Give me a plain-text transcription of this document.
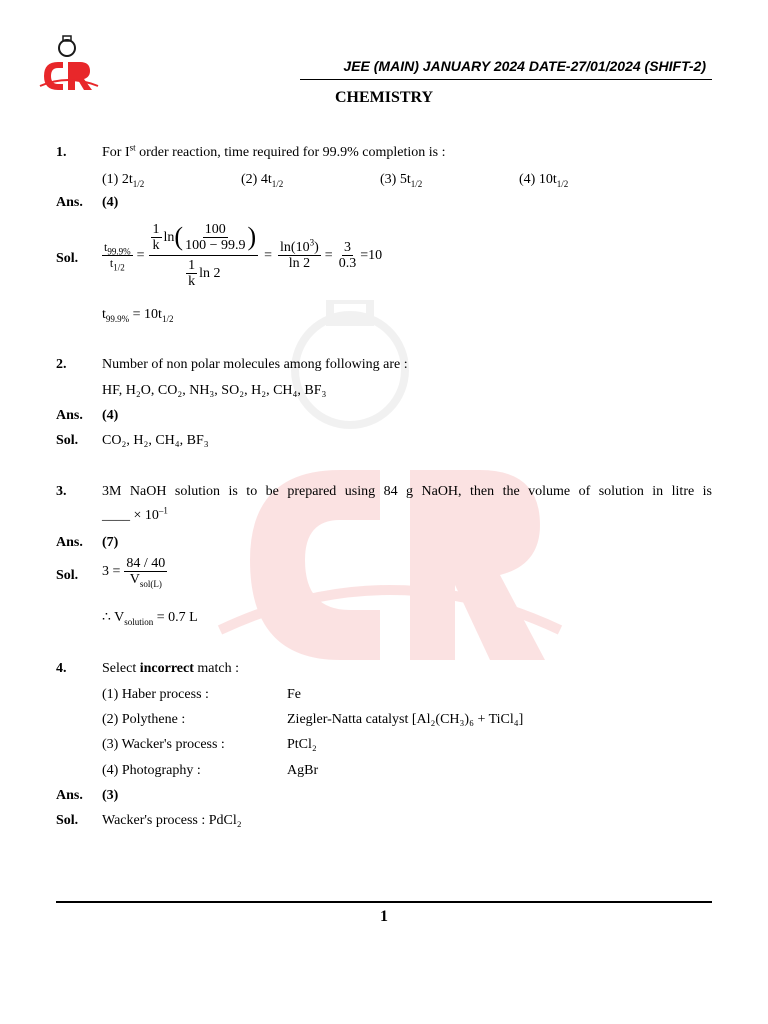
JEE (MAIN) JANUARY 2024 DATE-27/01/2024 (SHIFT-2)
CHEMISTRY
1.	For Ist order reaction, time required for 99.9% completion is :
(1) $2t_{1/2}$	(2) $4t_{1/2}$	(3) $5t_{1/2}$	(4) $10t_{1/2}$
Ans. (4)
Sol. $\frac{t_{99.9\%}}{t_{1/2}} = \frac{\frac{1}{k} \ln ( \frac{100}{100 - 99.9} )}{\frac{1}{k} \ln 2} = \frac{\ln(10^3)}{\ln 2} = \frac{3}{0.3} =10$
$t_{99.9\%} = 10t_{1/2}$
2.	Number of non polar molecules among following are :
HF, H₂O, CO₂, NH₃, SO₂, H₂, CH₄, BF₃
Ans. (4)
Sol. CO₂, H₂, CH₄, BF₃
3.	3M NaOH solution is to be prepared using 84 g NaOH, then the volume of solution in litre is
____ × $10^{-1}$
Ans. (7)
Sol. $3 = \frac{84 / 40}{V_{sol(L)}}$
∴ $V_{solution} = 0.7$ L
4.	Select incorrect match :
(1) Haber process :	Fe
(2) Polythene :	Ziegler-Natta catalyst [Al₂(CH₃)₆ + TiCl₄]
(3) Wacker's process :	PtCl₂
(4) Photography :	AgBr
Ans. (3)
Sol. Wacker's process : PdCl₂
1
